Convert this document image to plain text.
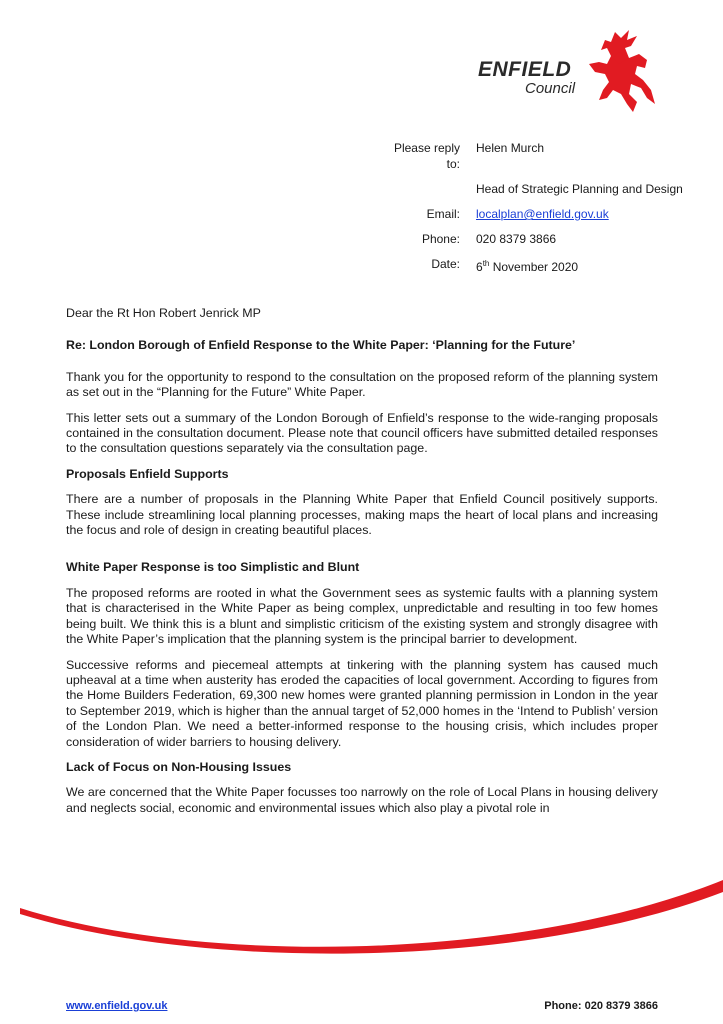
ENFIELD
Council
Please reply to:
Helen Murch
Head of Strategic Planning and Design
Email:	localplan@enfield.gov.uk
Phone:	020 8379 3866
Date:	6th November 2020

Dear the Rt Hon Robert Jenrick MP

Re: London Borough of Enfield Response to the White Paper: ‘Planning for the Future’

Thank you for the opportunity to respond to the consultation on the proposed reform of the planning system as set out in the “Planning for the Future” White Paper.

This letter sets out a summary of the London Borough of Enfield’s response to the wide-ranging proposals contained in the consultation document. Please note that council officers have submitted detailed responses to the consultation questions separately via the consultation page.

Proposals Enfield Supports

There are a number of proposals in the Planning White Paper that Enfield Council positively supports. These include streamlining local planning processes, making maps the heart of local plans and increasing the focus and role of design in creating beautiful places.

White Paper Response is too Simplistic and Blunt

The proposed reforms are rooted in what the Government sees as systemic faults with a planning system that is characterised in the White Paper as being complex, unpredictable and resulting in too few homes being built. We think this is a blunt and simplistic criticism of the existing system and strongly disagree with the White Paper’s implication that the planning system is the principal barrier to development.

Successive reforms and piecemeal attempts at tinkering with the planning system has caused much upheaval at a time when austerity has eroded the capacities of local government. According to figures from the Home Builders Federation, 69,300 new homes were granted planning permission in London in the year to September 2019, which is higher than the annual target of 52,000 homes in the ‘Intend to Publish’ version of the London Plan. We need a better-informed response to the housing crisis, which includes proper consideration of wider barriers to housing delivery.

Lack of Focus on Non-Housing Issues

We are concerned that the White Paper focusses too narrowly on the role of Local Plans in housing delivery and neglects social, economic and environmental issues which also play a pivotal role in

www.enfield.gov.uk	Phone: 020 8379 3866
